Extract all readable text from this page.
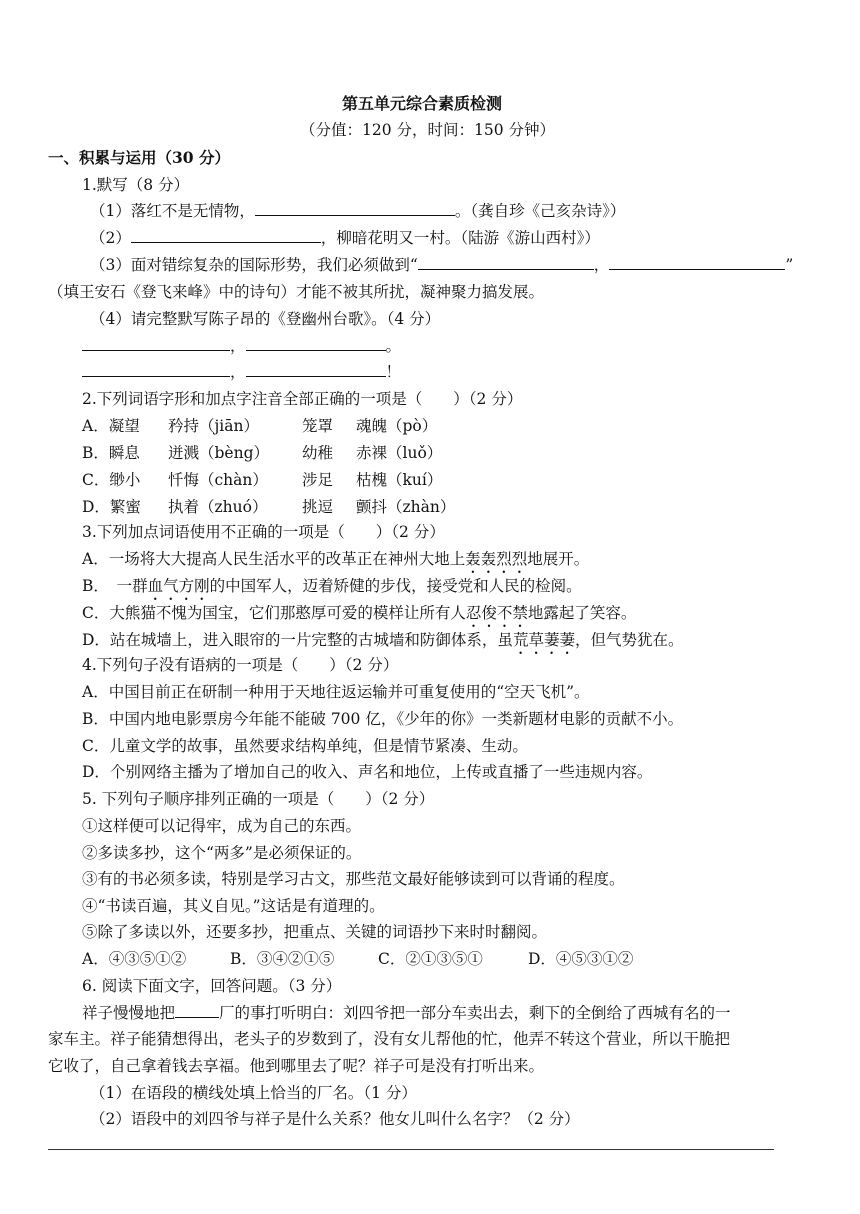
第五单元综合素质检测
（分值：120 分，时间：150 分钟）
一、积累与运用（30 分）
1.默写（8 分）
（1）落红不是无情物，	。（龚自珍《己亥杂诗》）
（2）	，柳暗花明又一村。（陆游《游山西村》）
（3）面对错综复杂的国际形势，我们必须做到“	，	”
（填王安石《登飞来峰》中的诗句）才能不被其所扰，凝神聚力搞发展。
（4）请完整默写陈子昂的《登幽州台歌》。（4 分）
，	。
，	！
2.下列词语字形和加点字注音全部正确的一项是（　　）（2 分）
A．凝望 矜持（jiān）	笼罩 魂魄（pò）
B．瞬息 迸溅（bèng） 幼稚 赤裸（luǒ）
C．缈小 忏悔（chàn） 涉足 枯槐（kuí）
D．繁蜜 执着（zhuó） 挑逗 颤抖（zhàn）
3.下列加点词语使用不正确的一项是（　　）（2 分）
A．一场将大大提高人民生活水平的改革正在神州大地上轰轰烈烈地展开。
B．　一群血气方刚的中国军人，迈着矫健的步伐，接受党和人民的检阅。
C．大熊猫不愧为国宝，它们那憨厚可爱的模样让所有人忍俊不禁地露起了笑容。
D．站在城墙上，进入眼帘的一片完整的古城墙和防御体系，虽荒草萋萋，但气势犹在。
4.下列句子没有语病的一项是（　　）（2 分）
A．中国目前正在研制一种用于天地往返运输并可重复使用的“空天飞机”。
B．中国内地电影票房今年能不能破 700 亿，《少年的你》一类新题材电影的贡献不小。
C．儿童文学的故事，虽然要求结构单纯，但是情节紧凑、生动。
D．个别网络主播为了增加自己的收入、声名和地位，上传或直播了一些违规内容。
5. 下列句子顺序排列正确的一项是（　　）（2 分）
①这样便可以记得牢，成为自己的东西。
②多读多抄，这个“两多”是必须保证的。
③有的书必须多读，特别是学习古文，那些范文最好能够读到可以背诵的程度。
④“书读百遍，其义自见。”这话是有道理的。
⑤除了多读以外，还要多抄，把重点、关键的词语抄下来时时翻阅。
A．④③⑤①②	B．③④②①⑤	C．②①③⑤①	D．④⑤③①②
6. 阅读下面文字，回答问题。（3 分）
祥子慢慢地把	厂的事打听明白：刘四爷把一部分车卖出去，剩下的全倒给了西城有名的一
家车主。祥子能猜想得出，老头子的岁数到了，没有女儿帮他的忙，他弄不转这个营业，所以干脆把
它收了，自己拿着钱去享福。他到哪里去了呢？祥子可是没有打听出来。
（1）在语段的横线处填上恰当的厂名。（1 分）
（2）语段中的刘四爷与祥子是什么关系？他女儿叫什么名字？（2 分）
